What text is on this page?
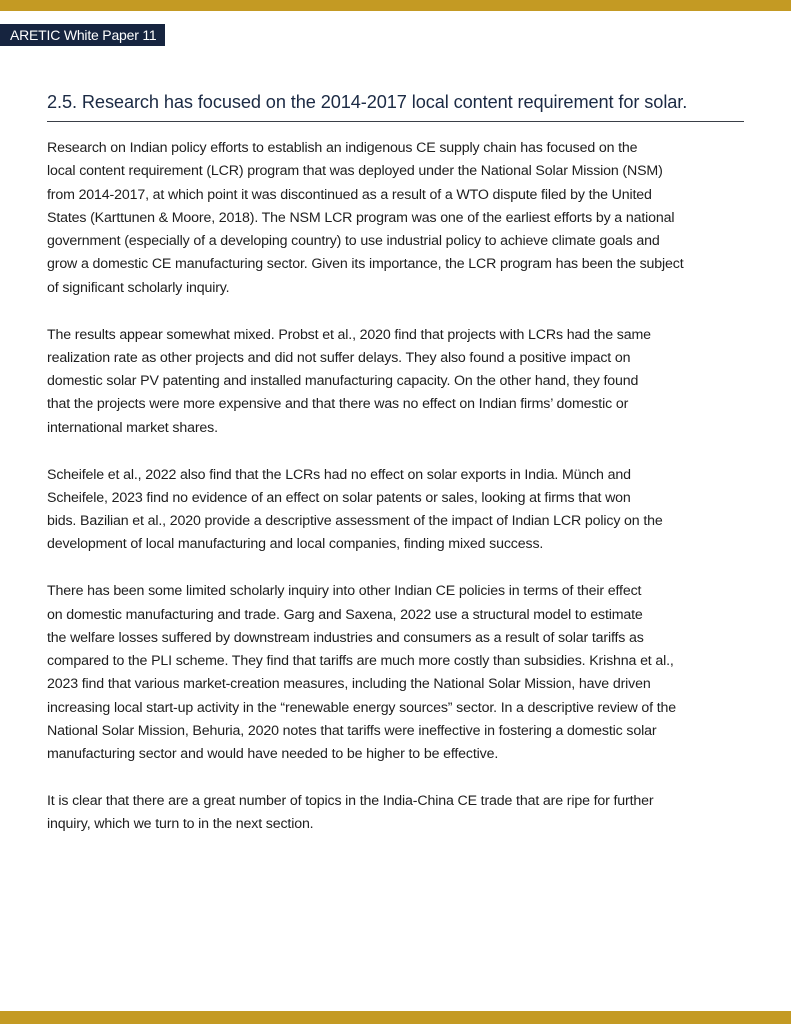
ARETIC White Paper 11
2.5. Research has focused on the 2014-2017 local content requirement for solar.

Research on Indian policy efforts to establish an indigenous CE supply chain has focused on the
local content requirement (LCR) program that was deployed under the National Solar Mission (NSM)
from 2014-2017, at which point it was discontinued as a result of a WTO dispute filed by the United
States (Karttunen & Moore, 2018). The NSM LCR program was one of the earliest efforts by a national
government (especially of a developing country) to use industrial policy to achieve climate goals and
grow a domestic CE manufacturing sector. Given its importance, the LCR program has been the subject
of significant scholarly inquiry.

The results appear somewhat mixed. Probst et al., 2020 find that projects with LCRs had the same
realization rate as other projects and did not suffer delays. They also found a positive impact on
domestic solar PV patenting and installed manufacturing capacity. On the other hand, they found
that the projects were more expensive and that there was no effect on Indian firms’ domestic or
international market shares.

Scheifele et al., 2022 also find that the LCRs had no effect on solar exports in India. Münch and
Scheifele, 2023 find no evidence of an effect on solar patents or sales, looking at firms that won
bids. Bazilian et al., 2020 provide a descriptive assessment of the impact of Indian LCR policy on the
development of local manufacturing and local companies, finding mixed success.

There has been some limited scholarly inquiry into other Indian CE policies in terms of their effect
on domestic manufacturing and trade. Garg and Saxena, 2022 use a structural model to estimate
the welfare losses suffered by downstream industries and consumers as a result of solar tariffs as
compared to the PLI scheme. They find that tariffs are much more costly than subsidies. Krishna et al.,
2023 find that various market-creation measures, including the National Solar Mission, have driven
increasing local start-up activity in the “renewable energy sources” sector. In a descriptive review of the
National Solar Mission, Behuria, 2020 notes that tariffs were ineffective in fostering a domestic solar
manufacturing sector and would have needed to be higher to be effective.

It is clear that there are a great number of topics in the India-China CE trade that are ripe for further
inquiry, which we turn to in the next section.
